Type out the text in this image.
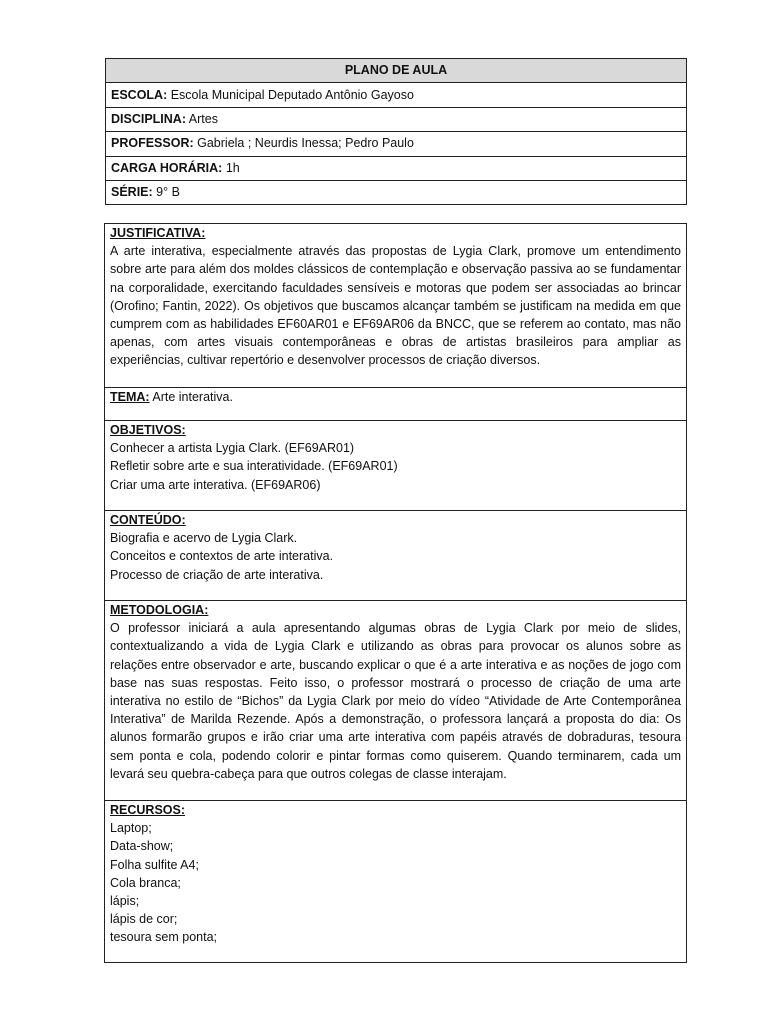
PLANO DE AULA
ESCOLA: Escola Municipal Deputado Antônio Gayoso
DISCIPLINA: Artes
PROFESSOR: Gabriela ; Neurdis Inessa; Pedro Paulo
CARGA HORÁRIA: 1h
SÉRIE: 9° B
JUSTIFICATIVA:
A arte interativa, especialmente através das propostas de Lygia Clark, promove um entendimento sobre arte para além dos moldes clássicos de contemplação e observação passiva ao se fundamentar na corporalidade, exercitando faculdades sensíveis e motoras que podem ser associadas ao brincar (Orofino; Fantin, 2022). Os objetivos que buscamos alcançar também se justificam na medida em que cumprem com as habilidades EF60AR01 e EF69AR06 da BNCC, que se referem ao contato, mas não apenas, com artes visuais contemporâneas e obras de artistas brasileiros para ampliar as experiências, cultivar repertório e desenvolver processos de criação diversos.
TEMA: Arte interativa.
OBJETIVOS:
Conhecer a artista Lygia Clark. (EF69AR01)
Refletir sobre arte e sua interatividade. (EF69AR01)
Criar uma arte interativa. (EF69AR06)
CONTEÚDO:
Biografia e acervo de Lygia Clark.
Conceitos e contextos de arte interativa.
Processo de criação de arte interativa.
METODOLOGIA:
O professor iniciará a aula apresentando algumas obras de Lygia Clark por meio de slides, contextualizando a vida de Lygia Clark e utilizando as obras para provocar os alunos sobre as relações entre observador e arte, buscando explicar o que é a arte interativa e as noções de jogo com base nas suas respostas. Feito isso, o professor mostrará o processo de criação de uma arte interativa no estilo de “Bichos” da Lygia Clark por meio do vídeo “Atividade de Arte Contemporânea Interativa” de Marilda Rezende. Após a demonstração, o professora lançará a proposta do dia: Os alunos formarão grupos e irão criar uma arte interativa com papéis através de dobraduras, tesoura sem ponta e cola, podendo colorir e pintar formas como quiserem. Quando terminarem, cada um levará seu quebra-cabeça para que outros colegas de classe interajam.
RECURSOS:
Laptop;
Data-show;
Folha sulfite A4;
Cola branca;
lápis;
lápis de cor;
tesoura sem ponta;
